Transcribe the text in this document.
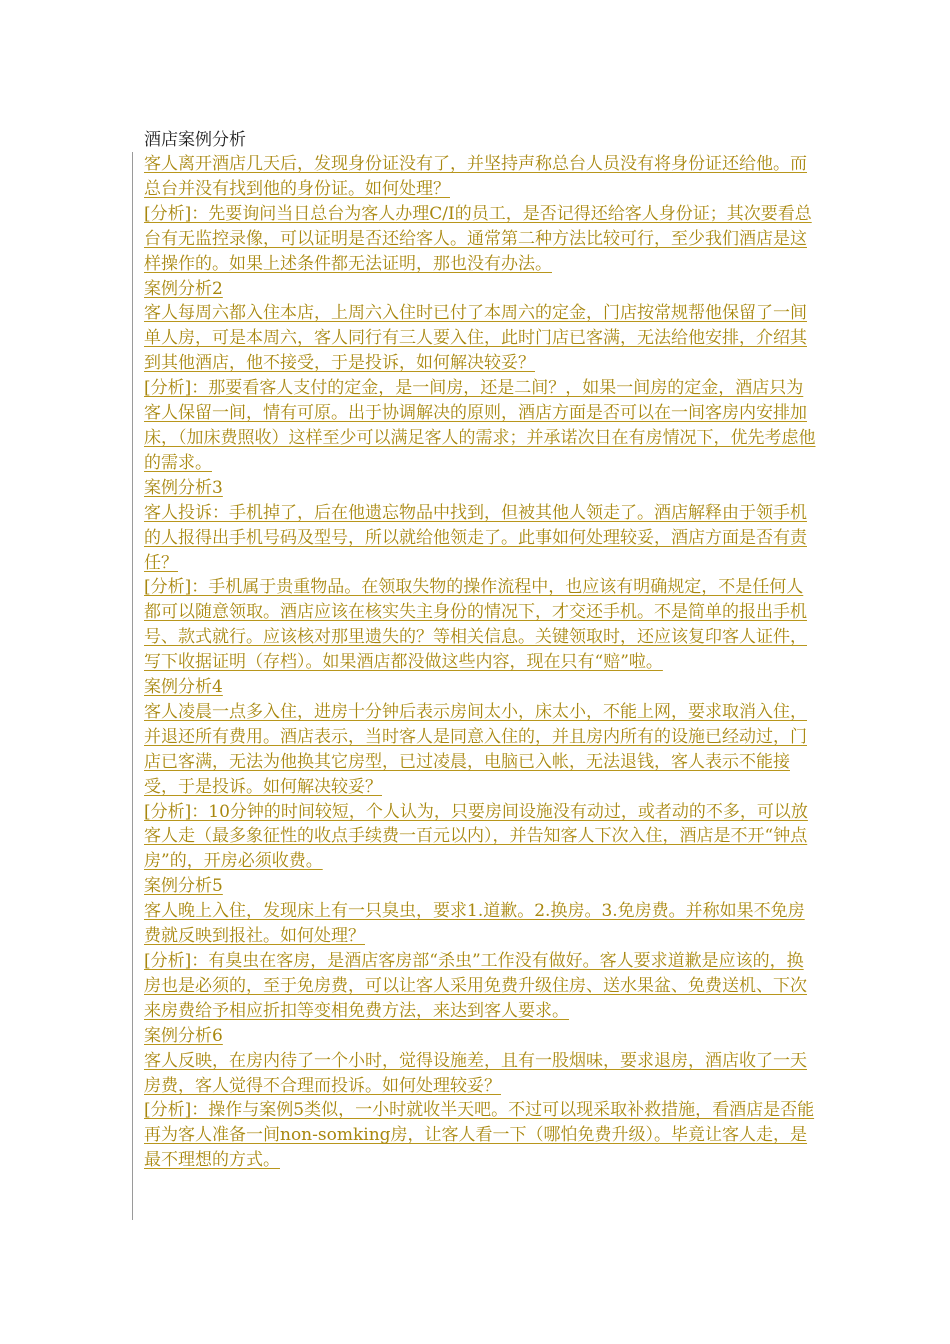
酒店案例分析

客人离开酒店几天后，发现身份证没有了，并坚持声称总台人员没有将身份证还给他。而总台并没有找到他的身份证。如何处理？

[分析]：先要询问当日总台为客人办理C/I的员工，是否记得还给客人身份证；其次要看总台有无监控录像，可以证明是否还给客人。通常第二种方法比较可行，至少我们酒店是这样操作的。如果上述条件都无法证明，那也没有办法。

案例分析2

客人每周六都入住本店，上周六入住时已付了本周六的定金，门店按常规帮他保留了一间单人房，可是本周六，客人同行有三人要入住，此时门店已客满，无法给他安排，介绍其到其他酒店，他不接受，于是投诉，如何解决较妥？

[分析]：那要看客人支付的定金，是一间房，还是二间？，如果一间房的定金，酒店只为客人保留一间，情有可原。出于协调解决的原则，酒店方面是否可以在一间客房内安排加床，（加床费照收）这样至少可以满足客人的需求；并承诺次日在有房情况下，优先考虑他的需求。

案例分析3

客人投诉：手机掉了，后在他遗忘物品中找到，但被其他人领走了。酒店解释由于领手机的人报得出手机号码及型号，所以就给他领走了。此事如何处理较妥，酒店方面是否有责任？

[分析]：手机属于贵重物品。在领取失物的操作流程中，也应该有明确规定，不是任何人都可以随意领取。酒店应该在核实失主身份的情况下，才交还手机。不是简单的报出手机号、款式就行。应该核对那里遗失的？等相关信息。关键领取时，还应该复印客人证件，写下收据证明（存档）。如果酒店都没做这些内容，现在只有“赔”啦。

案例分析4

客人凌晨一点多入住，进房十分钟后表示房间太小，床太小，不能上网，要求取消入住，并退还所有费用。酒店表示，当时客人是同意入住的，并且房内所有的设施已经动过，门店已客满，无法为他换其它房型，已过凌晨，电脑已入帐，无法退钱，客人表示不能接受，于是投诉。如何解决较妥？

[分析]：10分钟的时间较短，个人认为，只要房间设施没有动过，或者动的不多，可以放客人走（最多象征性的收点手续费一百元以内），并告知客人下次入住，酒店是不开“钟点房”的，开房必须收费。

案例分析5

客人晚上入住，发现床上有一只臭虫，要求1.道歉。2.换房。3.免房费。并称如果不免房费就反映到报社。如何处理？

[分析]：有臭虫在客房，是酒店客房部“杀虫”工作没有做好。客人要求道歉是应该的，换房也是必须的，至于免房费，可以让客人采用免费升级住房、送水果盆、免费送机、下次来房费给予相应折扣等变相免费方法，来达到客人要求。

案例分析6

客人反映，在房内待了一个小时，觉得设施差，且有一股烟味，要求退房，酒店收了一天房费，客人觉得不合理而投诉。如何处理较妥？

[分析]：操作与案例5类似，一小时就收半天吧。不过可以现采取补救措施，看酒店是否能再为客人准备一间non-somking房，让客人看一下（哪怕免费升级）。毕竟让客人走，是最不理想的方式。
